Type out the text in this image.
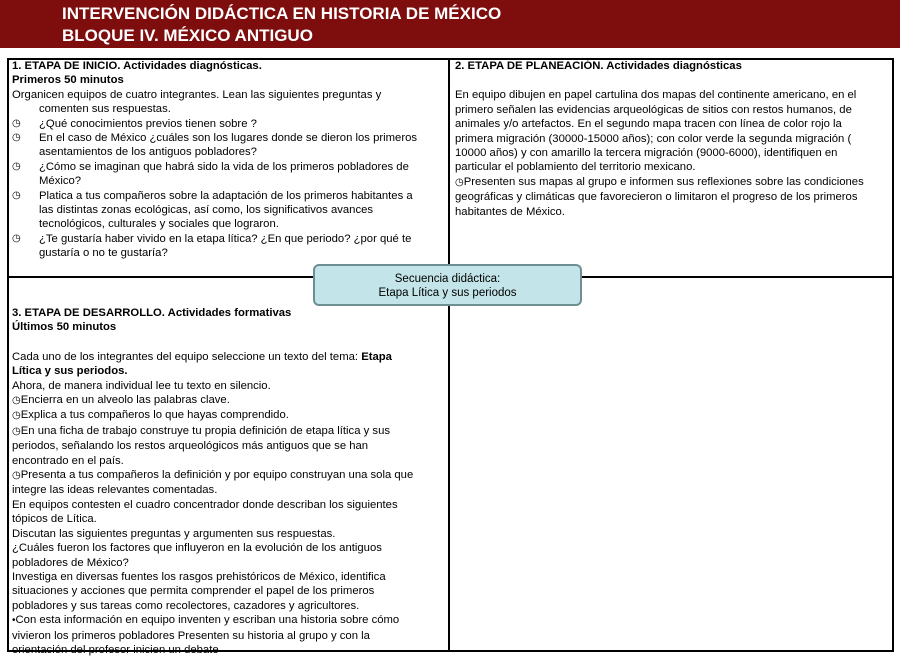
INTERVENCIÓN DIDÁCTICA EN HISTORIA DE MÉXICO
BLOQUE IV. MÉXICO ANTIGUO
1. ETAPA DE INICIO. Actividades diagnósticas.
Primeros 50 minutos
Organicen equipos de cuatro integrantes. Lean las siguientes preguntas y
comenten sus respuestas.
◷ ¿Qué conocimientos previos tienen sobre ?
◷ En el caso de México ¿cuáles son los lugares donde se dieron los primeros
asentamientos de los antiguos pobladores?
◷ ¿Cómo se imaginan que habrá sido la vida de los primeros pobladores de
México?
◷ Platica a tus compañeros sobre la adaptación de los primeros habitantes a
las distintas zonas ecológicas, así como, los significativos avances
tecnológicos, culturales y sociales que lograron.
◷ ¿Te gustaría haber vivido en la etapa lítica? ¿En que periodo? ¿por qué te
gustaría o no te gustaría?
2. ETAPA DE PLANEACIÓN. Actividades diagnósticas
En equipo dibujen en papel cartulina dos mapas del continente americano, en el
primero señalen las evidencias arqueológicas de sitios con restos humanos, de
animales y/o artefactos. En el segundo mapa tracen con línea de color rojo la
primera migración (30000-15000 años); con color verde la segunda migración (
10000 años) y con amarillo la tercera migración (9000-6000), identifiquen en
particular el poblamiento del territorio mexicano.
◷Presenten sus mapas al grupo e informen sus reflexiones sobre las condiciones
geográficas y climáticas que favorecieron o limitaron el progreso de los primeros
habitantes de México.
Secuencia didáctica:
Etapa Lítica y sus periodos
3. ETAPA DE DESARROLLO. Actividades formativas
Últimos 50 minutos
Cada uno de los integrantes del equipo seleccione un texto del tema: Etapa
Lítica y sus periodos.
Ahora, de manera individual lee tu texto en silencio.
◷Encierra en un alveolo las palabras clave.
◷Explica a tus compañeros lo que hayas comprendido.
◷En una ficha de trabajo construye tu propia definición de etapa lítica y sus
periodos, señalando los restos arqueológicos más antiguos que se han
encontrado en el país.
◷Presenta a tus compañeros la definición y por equipo construyan una sola que
integre las ideas relevantes comentadas.
En equipos contesten el cuadro concentrador donde describan los siguientes
tópicos de Lítica.
Discutan las siguientes preguntas y argumenten sus respuestas.
¿Cuáles fueron los factores que influyeron en la evolución de los antiguos
pobladores de México?
Investiga en diversas fuentes los rasgos prehistóricos de México, identifica
situaciones y acciones que permita comprender el papel de los primeros
pobladores y sus tareas como recolectores, cazadores y agricultores.
•Con esta información en equipo inventen y escriban una historia sobre cómo
vivieron los primeros pobladores Presenten su historia al grupo y con la
orientación del profesor inicien un debate
